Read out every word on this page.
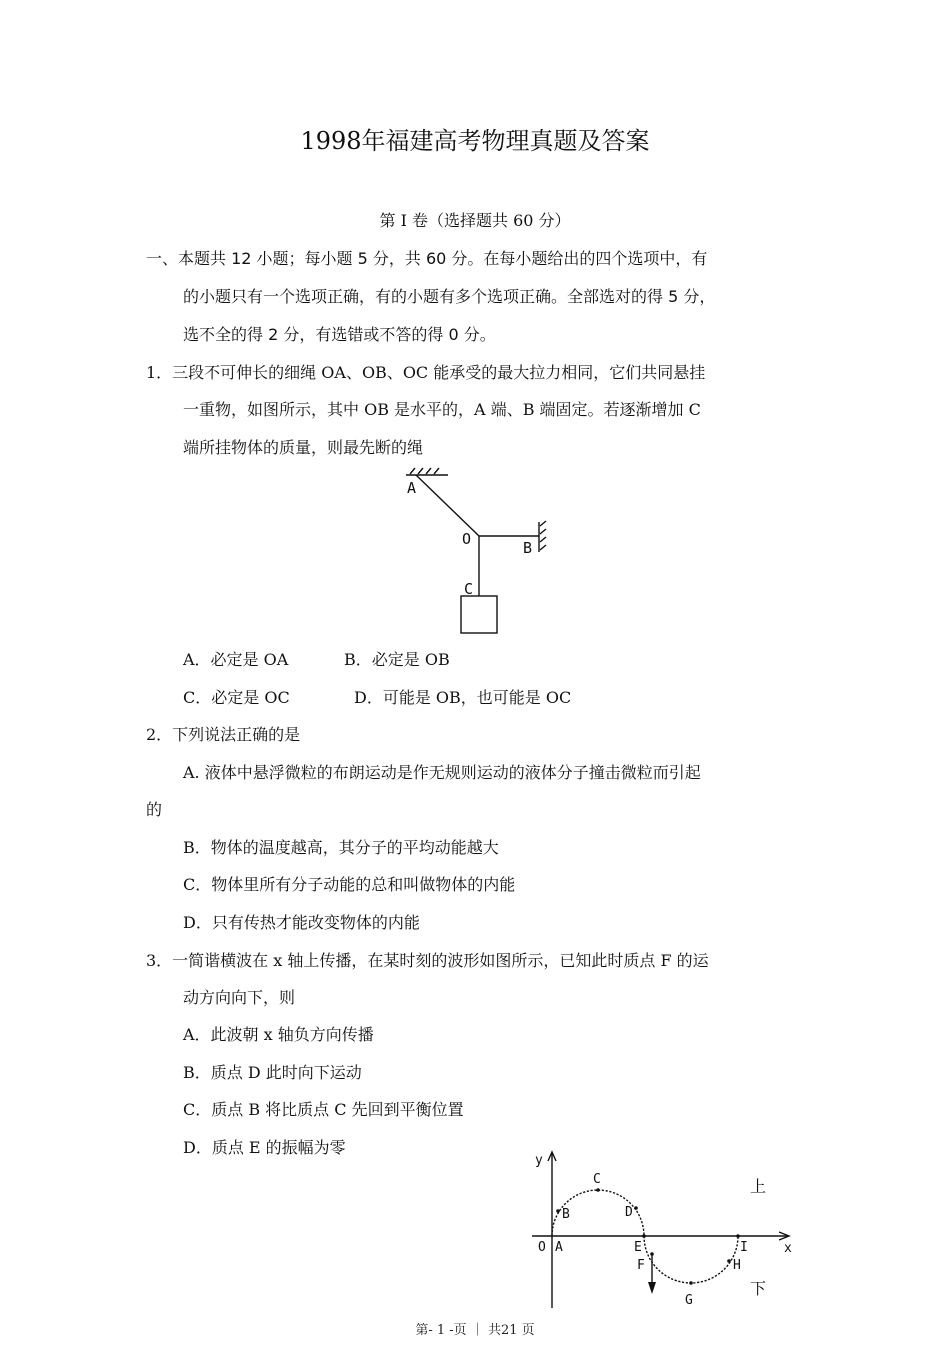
1998年福建高考物理真题及答案
第 I 卷（选择题共 60 分）
一、本题共 12 小题；每小题 5 分，共 60 分。在每小题给出的四个选项中，有
的小题只有一个选项正确，有的小题有多个选项正确。全部选对的得 5 分，
选不全的得 2 分，有选错或不答的得 0 分。
1．三段不可伸长的细绳 OA、OB、OC 能承受的最大拉力相同，它们共同悬挂
一重物，如图所示，其中 OB 是水平的，A 端、B 端固定。若逐渐增加 C
端所挂物体的质量，则最先断的绳
A
O	B
C
A．必定是 OA	B．必定是 OB
C．必定是 OC	D．可能是 OB，也可能是 OC
2．下列说法正确的是
A. 液体中悬浮微粒的布朗运动是作无规则运动的液体分子撞击微粒而引起
的
B．物体的温度越高，其分子的平均动能越大
C．物体里所有分子动能的总和叫做物体的内能
D．只有传热才能改变物体的内能
3．一简谐横波在 x 轴上传播，在某时刻的波形如图所示，已知此时质点 F 的运
动方向向下，则
A．此波朝 x 轴负方向传播
B．质点 D 此时向下运动
C．质点 B 将比质点 C 先回到平衡位置
D．质点 E 的振幅为零
y
x
O A
B
C
D
E
F
G
H
I
上
下
第- 1 -页 ｜ 共21 页
